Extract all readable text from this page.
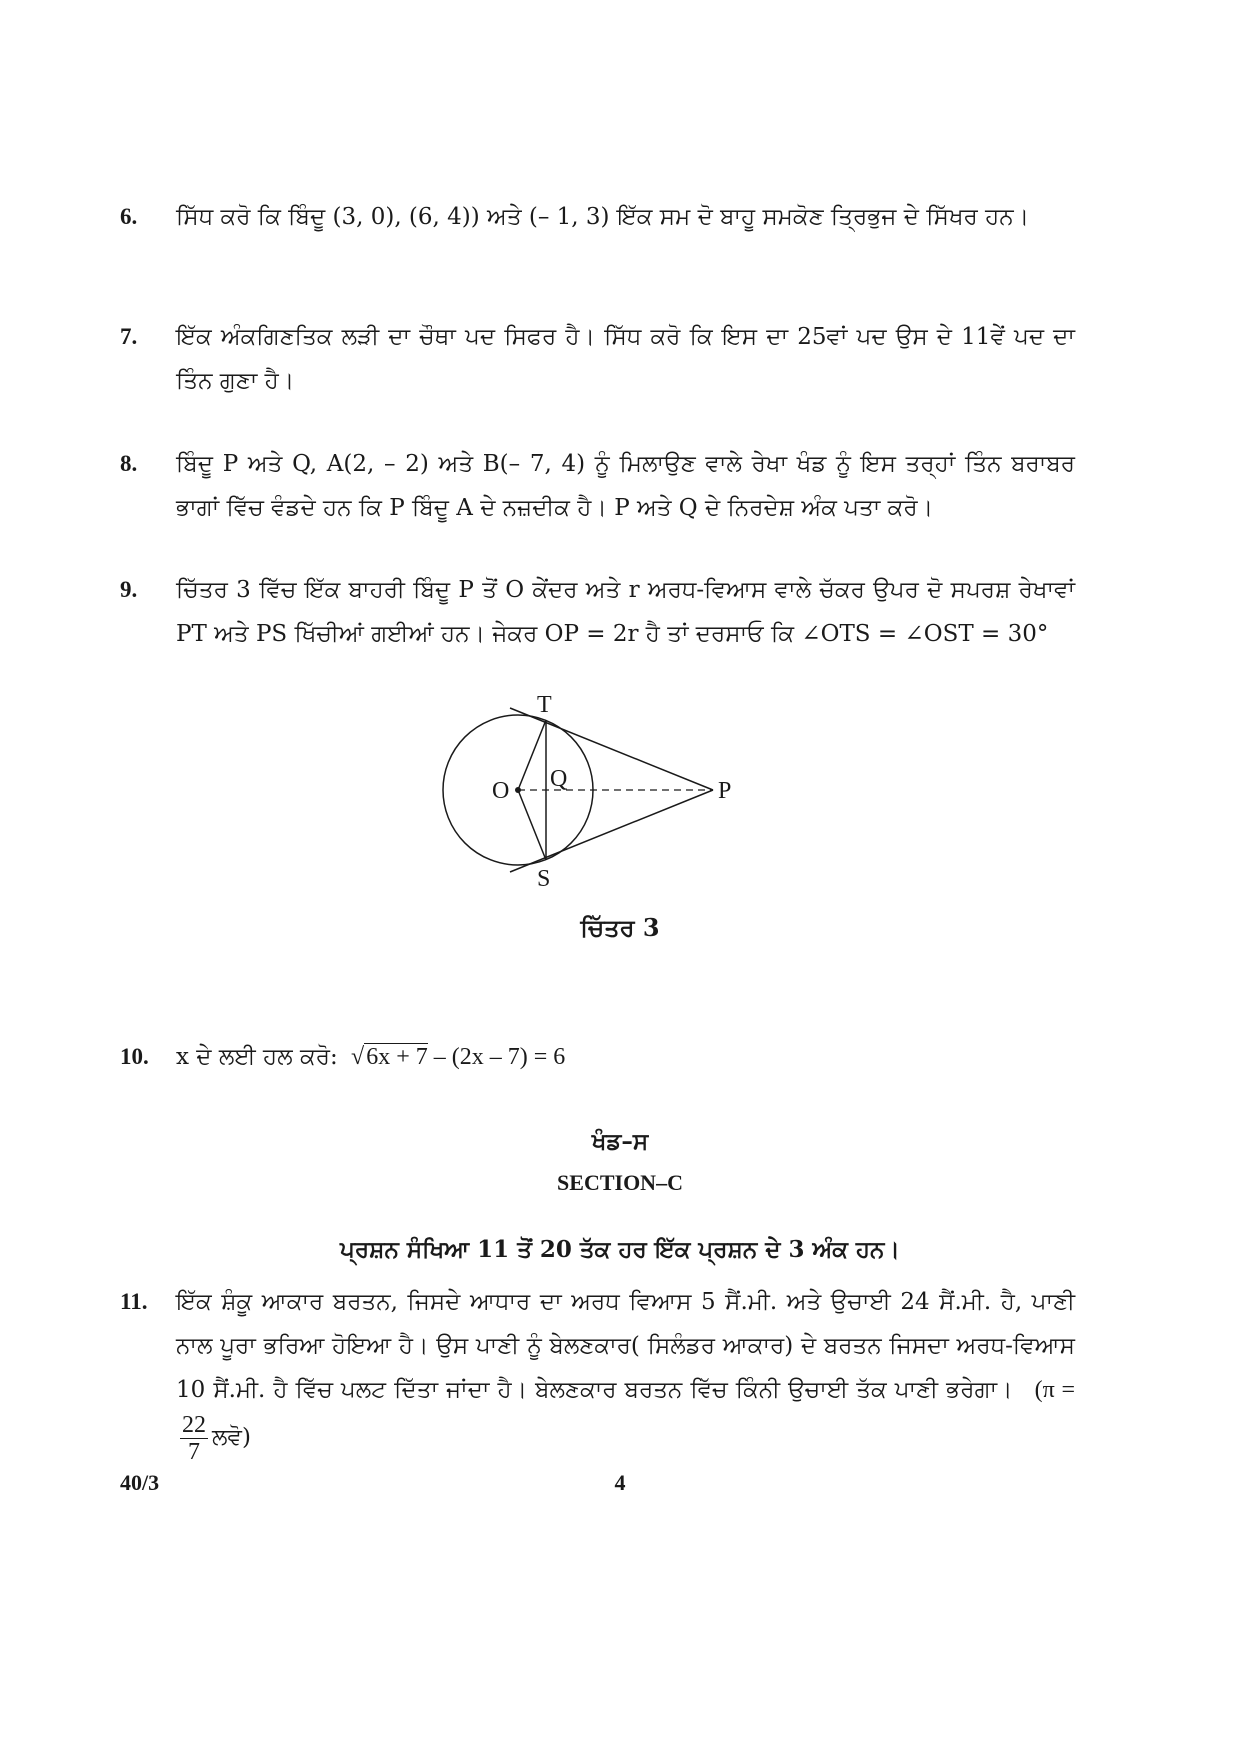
6. ਸਿੱਧ ਕਰੋ ਕਿ ਬਿੰਦੂ (3, 0), (6, 4)) ਅਤੇ (– 1, 3) ਇੱਕ ਸਮ ਦੋ ਬਾਹੂ ਸਮਕੋਣ ਤ੍ਰਿਭੁਜ ਦੇ ਸਿੱਖਰ ਹਨ।
7. ਇੱਕ ਅੰਕਗਿਣਤਿਕ ਲੜੀ ਦਾ ਚੌਥਾ ਪਦ ਸਿਫਰ ਹੈ। ਸਿੱਧ ਕਰੋ ਕਿ ਇਸ ਦਾ 25ਵਾਂ ਪਦ ਉਸ ਦੇ 11ਵੇਂ ਪਦ ਦਾ ਤਿੰਨ ਗੁਣਾ ਹੈ।
8. ਬਿੰਦੂ P ਅਤੇ Q, A(2, – 2) ਅਤੇ B(– 7, 4) ਨੂੰ ਮਿਲਾਉਣ ਵਾਲੇ ਰੇਖਾ ਖੰਡ ਨੂੰ ਇਸ ਤਰ੍ਹਾਂ ਤਿੰਨ ਬਰਾਬਰ ਭਾਗਾਂ ਵਿੱਚ ਵੰਡਦੇ ਹਨ ਕਿ P ਬਿੰਦੂ A ਦੇ ਨਜ਼ਦੀਕ ਹੈ। P ਅਤੇ Q ਦੇ ਨਿਰਦੇਸ਼ ਅੰਕ ਪਤਾ ਕਰੋ।
9. ਚਿੱਤਰ 3 ਵਿੱਚ ਇੱਕ ਬਾਹਰੀ ਬਿੰਦੂ P ਤੋਂ O ਕੇਂਦਰ ਅਤੇ r ਅਰਧ-ਵਿਆਸ ਵਾਲੇ ਚੱਕਰ ਉਪਰ ਦੋ ਸਪਰਸ਼ ਰੇਖਾਵਾਂ PT ਅਤੇ PS ਖਿੱਚੀਆਂ ਗਈਆਂ ਹਨ। ਜੇਕਰ OP = 2r ਹੈ ਤਾਂ ਦਰਸਾਓ ਕਿ ∠OTS = ∠OST = 30°
T
S
O Q	P
ਚਿੱਤਰ 3
10. x ਦੇ ਲਈ ਹਲ ਕਰੋ:  √6x + 7 – (2x – 7) = 6
ਖੰਡ–ਸ
SECTION–C
ਪ੍ਰਸ਼ਨ ਸੰਖਿਆ 11 ਤੋਂ 20 ਤੱਕ ਹਰ ਇੱਕ ਪ੍ਰਸ਼ਨ ਦੇ 3 ਅੰਕ ਹਨ।
11. ਇੱਕ ਸ਼ੰਕੂ ਆਕਾਰ ਬਰਤਨ, ਜਿਸਦੇ ਆਧਾਰ ਦਾ ਅਰਧ ਵਿਆਸ 5 ਸੈਂ.ਮੀ. ਅਤੇ ਉਚਾਈ 24 ਸੈਂ.ਮੀ. ਹੈ, ਪਾਣੀ ਨਾਲ ਪੂਰਾ ਭਰਿਆ ਹੋਇਆ ਹੈ। ਉਸ ਪਾਣੀ ਨੂੰ ਬੇਲਣਕਾਰ( ਸਿਲੰਡਰ ਆਕਾਰ) ਦੇ ਬਰਤਨ ਜਿਸਦਾ ਅਰਧ-ਵਿਆਸ 10 ਸੈਂ.ਮੀ. ਹੈ ਵਿੱਚ ਪਲਟ ਦਿੱਤਾ ਜਾਂਦਾ ਹੈ। ਬੇਲਣਕਾਰ ਬਰਤਨ ਵਿੱਚ ਕਿੰਨੀ ਉਚਾਈ ਤੱਕ ਪਾਣੀ ਭਰੇਗਾ। (π =
$\frac{22}{7}$ ਲਵੋ)
40/3	4
